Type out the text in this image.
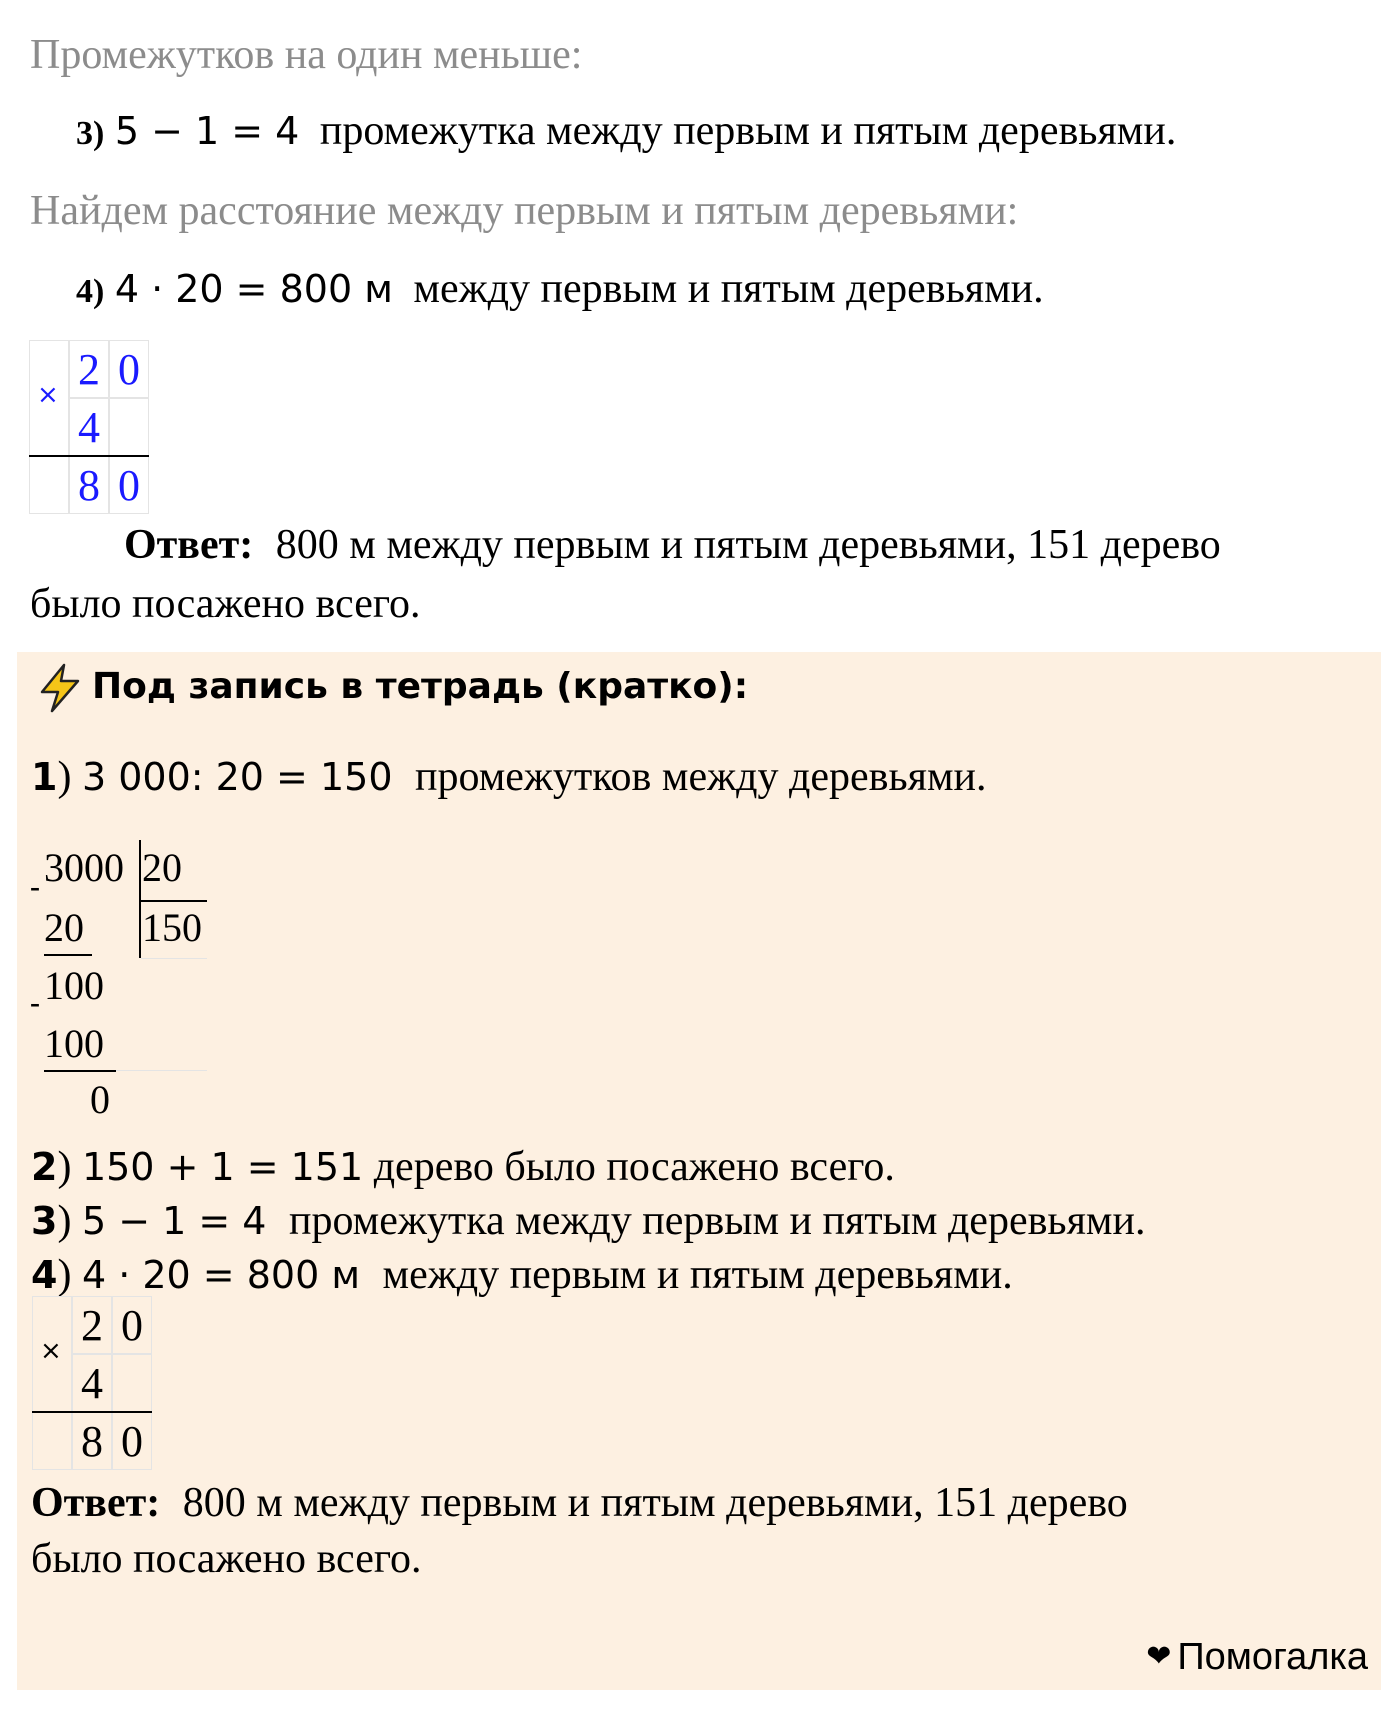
Промежутков на один меньше:
3) 5 − 1 = 4 промежутка между первым и пятым деревьями.
Найдем расстояние между первым и пятым деревьями:
4) 4 · 20 = 800 м между первым и пятым деревьями.
2 0
4
8 0
×
Ответ: 800 м между первым и пятым деревьями, 151 дерево
было посажено всего.
Под запись в тетрадь (кратко):
1) 3 000: 20 = 150 промежутков между деревьями.
3000 20
-
20 150
100
-
100
0
2) 150 + 1 = 151 дерево было посажено всего.
3) 5 − 1 = 4 промежутка между первым и пятым деревьями.
4) 4 · 20 = 800 м между первым и пятым деревьями.
2 0
4
8 0
×
Ответ: 800 м между первым и пятым деревьями, 151 дерево
было посажено всего.
❤ Помогалка
